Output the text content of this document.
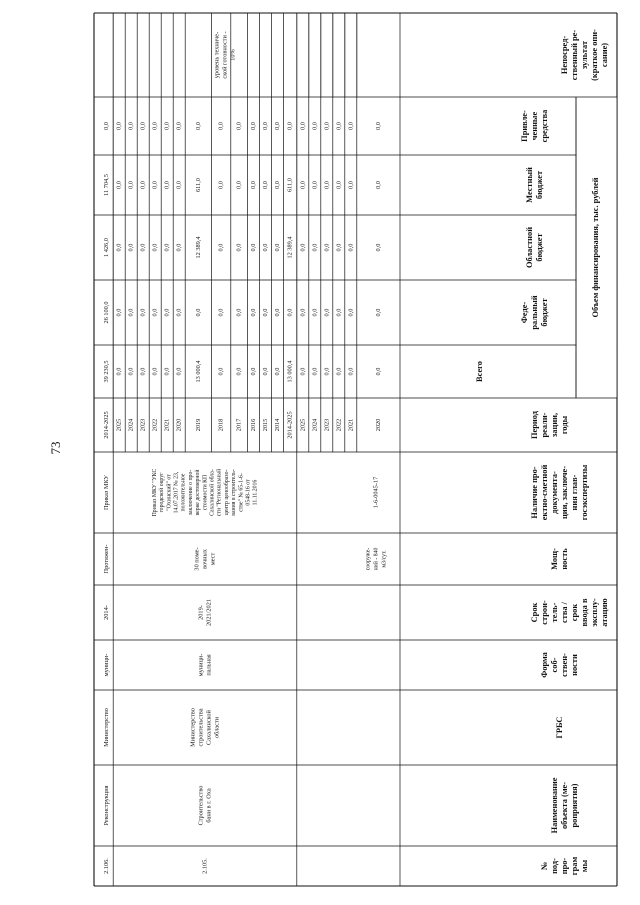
73
Непосред- ственный ре- зультат (краткое опи- сание)
Привле- ченные средства
Местный бюджет
Областной бюджет
Феде- ральный бюджет
Всего
Объем финансирования, тыс. рублей
Период реали- зации, годы
Наличие про- ектно-сметной документа- ции, заключе- ния глав- госэкспертизы
Мощ- ность
Срок строи- тель- ства / срок ввода в эксплу- атацию
Форма соб- ствен- ности
ГРБС
Наименование объекта (ме- роприятия)
№ под- про- грам мы
2020
0,0
0,0
0,0
0,0
0,0
2021
0,0
0,0
0,0
0,0
0,0
2022
0,0
0,0
0,0
0,0
0,0
2023
0,0
0,0
0,0
0,0
0,0
2024
0,0
0,0
0,0
0,0
0,0
2025
0,0
0,0
0,0
0,0
0,0
2014-2025
13 000,4
0,0
12 389,4
611,0
0,0
2014
0,0
0,0
0,0
0,0
0,0
2015
0,0
0,0
0,0
0,0
0,0
2016
0,0
0,0
0,0
0,0
0,0
2017
0,0
0,0
0,0
0,0
0,0
2018
0,0
0,0
0,0
0,0
0,0
2019
13 000,4
0,0
12 389,4
611,0
0,0
2020
0,0
0,0
0,0
0,0
0,0
2021
0,0
0,0
0,0
0,0
0,0
2022
0,0
0,0
0,0
0,0
0,0
2023
0,0
0,0
0,0
0,0
0,0
2024
0,0
0,0
0,0
0,0
0,0
2025
0,0
0,0
0,0
0,0
0,0
2014-2025
39 230,5
26 100,0
1 426,0
11 704,5
0,0
сооруже- ний - 840 м3/сут.
1-6-0045-17
2.105.
Строительство бани в г. Оха
Министерство строительства Сахалинской области
муници- пальная
2019- 2021/2021
30 поме- вочных мест
Приказ МКУ "УКС городской округ "Охинский" от 14.07.2017 № 23, положительное заключение о про- верке достоверной стоимости КП Сахалинской обла- сти "Региональный центр ценообразо- вания в строитель- стве" № 65-1-6- 0548-16 от 11.11.2016
уровень техниче- ской готовности - 10%
2.106.
Реконструкция
Министерство
муници-
2014-
Протяжен-
Приказ МКУ
